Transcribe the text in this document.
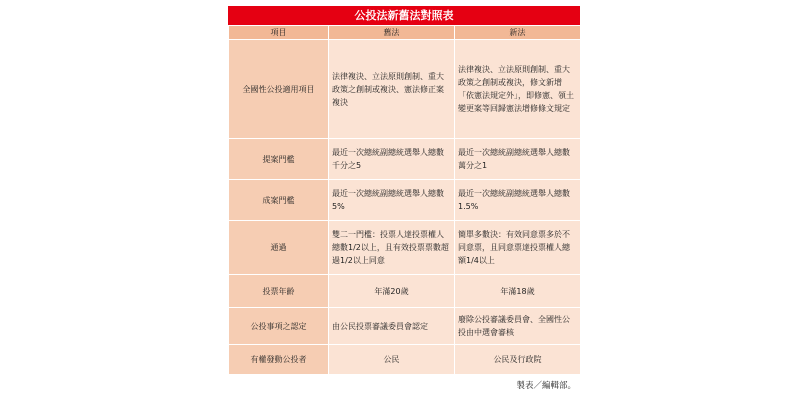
公投法新舊法對照表
項目	舊法	新法
全國性公投適用項目	法律複決、立法原則創制、重大政策之創制或複決、憲法修正案複決	法律複決、立法原則創制、重大政策之創制或複決，修文新增「依憲法規定外」，即修憲、領土變更案等回歸憲法增修條文規定
提案門檻	最近一次總統副總統選舉人總數千分之5	最近一次總統副總統選舉人總數萬分之1
成案門檻	最近一次總統副總統選舉人總數5%	最近一次總統副總統選舉人總數1.5%
通過	雙二一門檻：投票人達投票權人總數1/2以上，且有效投票票數超過1/2以上同意	簡單多數決：有效同意票多於不同意票，且同意票達投票權人總額1/4以上
投票年齡	年滿20歲	年滿18歲
公投事項之認定	由公民投票審議委員會認定	廢除公投審議委員會、全國性公投由中選會審核
有權發動公投者	公民	公民及行政院
製表／編輯部。
